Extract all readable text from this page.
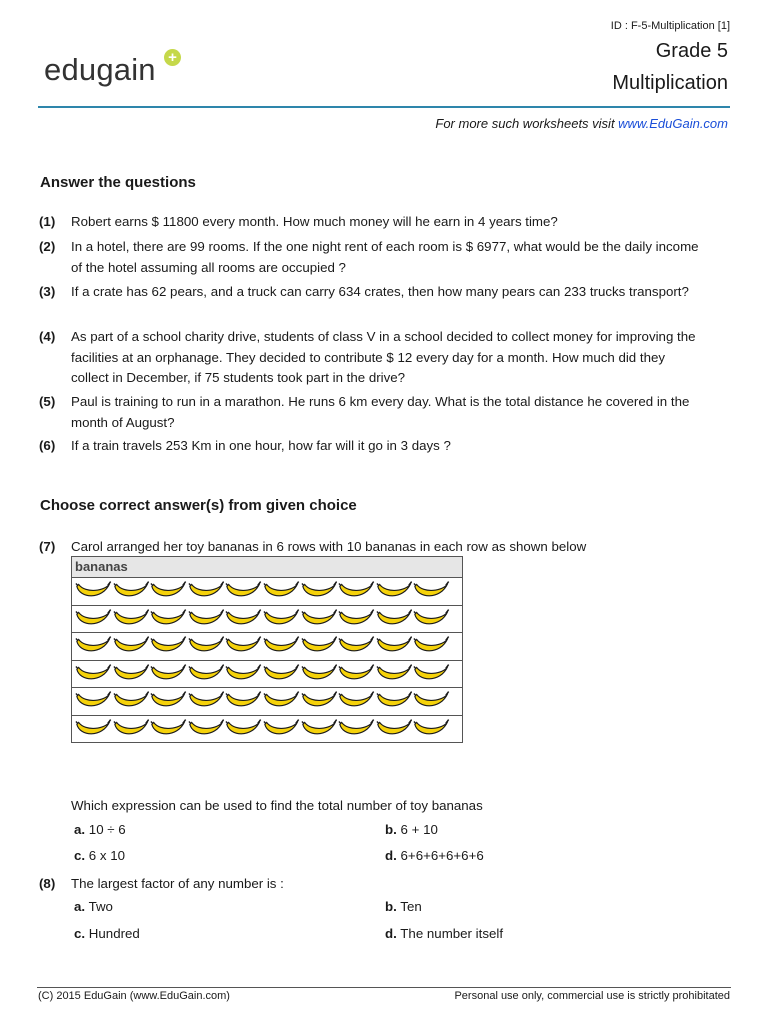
ID : F-5-Multiplication [1]
Grade 5
Multiplication
edugain +
For more such worksheets visit www.EduGain.com
Answer the questions
(1) Robert earns $ 11800 every month. How much money will he earn in 4 years time?
(2) In a hotel, there are 99 rooms. If the one night rent of each room is $ 6977, what would be the daily income of the hotel assuming all rooms are occupied ?
(3) If a crate has 62 pears, and a truck can carry 634 crates, then how many pears can 233 trucks transport?
(4) As part of a school charity drive, students of class V in a school decided to collect money for improving the facilities at an orphanage. They decided to contribute $ 12 every day for a month. How much did they collect in December, if 75 students took part in the drive?
(5) Paul is training to run in a marathon. He runs 6 km every day. What is the total distance he covered in the month of August?
(6) If a train travels 253 Km in one hour, how far will it go in 3 days ?
Choose correct answer(s) from given choice
(7) Carol arranged her toy bananas in 6 rows with 10 bananas in each row as shown below
bananas
Which expression can be used to find the total number of toy bananas
a. 10 ÷ 6	b. 6 + 10
c. 6 x 10	d. 6+6+6+6+6+6
(8) The largest factor of any number is :
a. Two	b. Ten
c. Hundred	d. The number itself
(C) 2015 EduGain (www.EduGain.com)	Personal use only, commercial use is strictly prohibitated
